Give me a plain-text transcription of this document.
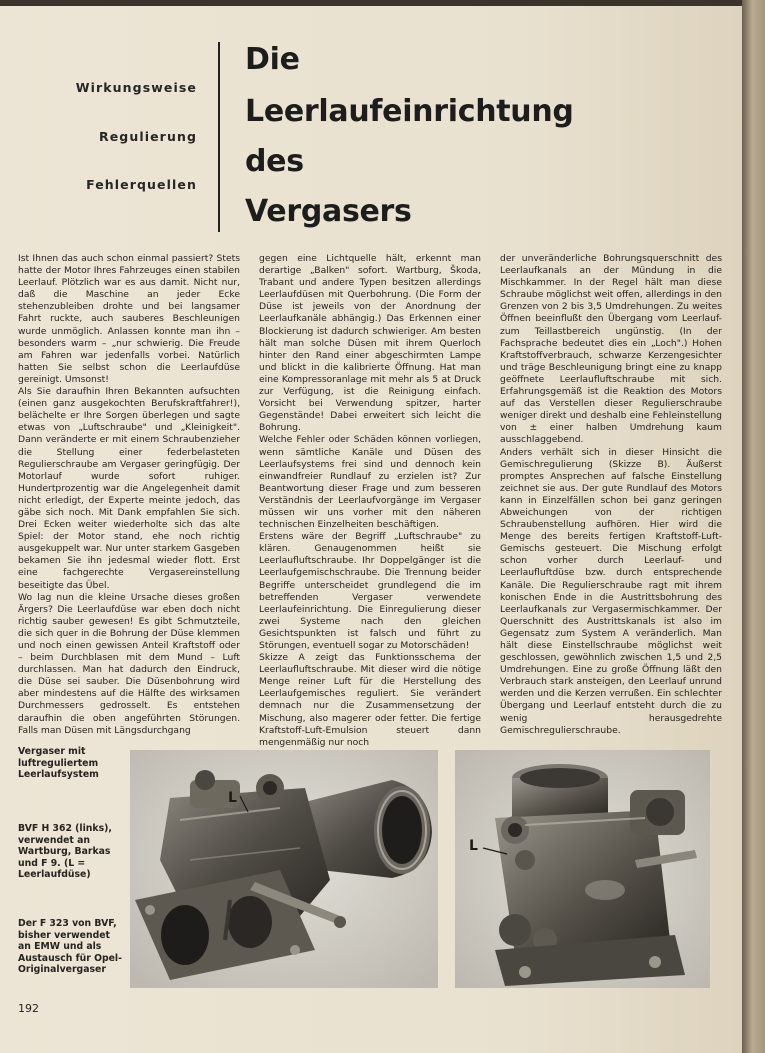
Wirkungsweise
Regulierung
Fehlerquellen
Die
Leerlaufeinrichtung
des
Vergasers

Ist Ihnen das auch schon einmal passiert? Stets hatte der Motor Ihres Fahrzeuges einen stabilen Leerlauf. Plötzlich war es aus damit. Nicht nur, daß die Maschine an jeder Ecke stehenzubleiben drohte und bei langsamer Fahrt ruckte, auch sauberes Beschleunigen wurde unmöglich. Anlassen konnte man ihn – besonders warm – „nur schwierig. Die Freude am Fahren war jedenfalls vorbei. Natürlich hatten Sie selbst schon die Leerlaufdüse gereinigt. Umsonst!

Als Sie daraufhin Ihren Bekannten aufsuchten (einen ganz ausgekochten Berufskraftfahrer!), belächelte er Ihre Sorgen überlegen und sagte etwas von „Luftschraube" und „Kleinigkeit". Dann veränderte er mit einem Schraubenzieher die Stellung einer federbelasteten Regulierschraube am Vergaser geringfügig. Der Motorlauf wurde sofort ruhiger. Hundertprozentig war die Angelegenheit damit nicht erledigt, der Experte meinte jedoch, das gäbe sich noch. Mit Dank empfahlen Sie sich. Drei Ecken weiter wiederholte sich das alte Spiel: der Motor stand, ehe noch richtig ausgekuppelt war. Nur unter starkem Gasgeben bekamen Sie ihn jedesmal wieder flott. Erst eine fachgerechte Vergasereinstellung beseitigte das Übel.

Wo lag nun die kleine Ursache dieses großen Ärgers? Die Leerlaufdüse war eben doch nicht richtig sauber gewesen! Es gibt Schmutzteile, die sich quer in die Bohrung der Düse klemmen und noch einen gewissen Anteil Kraftstoff oder – beim Durchblasen mit dem Mund – Luft durchlassen. Man hat dadurch den Eindruck, die Düse sei sauber. Die Düsenbohrung wird aber mindestens auf die Hälfte des wirksamen Durchmessers gedrosselt. Es entstehen daraufhin die oben angeführten Störungen. Falls man Düsen mit Längsdurchgang

gegen eine Lichtquelle hält, erkennt man derartige „Balken" sofort. Wartburg, Škoda, Trabant und andere Typen besitzen allerdings Leerlaufdüsen mit Querbohrung. (Die Form der Düse ist jeweils von der Anordnung der Leerlaufkanäle abhängig.) Das Erkennen einer Blockierung ist dadurch schwieriger. Am besten hält man solche Düsen mit ihrem Querloch hinter den Rand einer abgeschirmten Lampe und blickt in die kalibrierte Öffnung. Hat man eine Kompressoranlage mit mehr als 5 at Druck zur Verfügung, ist die Reinigung einfach. Vorsicht bei Verwendung spitzer, harter Gegenstände! Dabei erweitert sich leicht die Bohrung.

Welche Fehler oder Schäden können vorliegen, wenn sämtliche Kanäle und Düsen des Leerlaufsystems frei sind und dennoch kein einwandfreier Rundlauf zu erzielen ist? Zur Beantwortung dieser Frage und zum besseren Verständnis der Leerlaufvorgänge im Vergaser müssen wir uns vorher mit den näheren technischen Einzelheiten beschäftigen.

Erstens wäre der Begriff „Luftschraube" zu klären. Genaugenommen heißt sie Leerlaufluftschraube. Ihr Doppelgänger ist die Leerlaufgemischschraube. Die Trennung beider Begriffe unterscheidet grundlegend die im betreffenden Vergaser verwendete Leerlaufeinrichtung. Die Einregulierung dieser zwei Systeme nach den gleichen Gesichtspunkten ist falsch und führt zu Störungen, eventuell sogar zu Motorschäden!

Skizze A zeigt das Funktionsschema der Leerlaufluftschraube. Mit dieser wird die nötige Menge reiner Luft für die Herstellung des Leerlaufgemisches reguliert. Sie verändert demnach nur die Zusammensetzung der Mischung, also magerer oder fetter. Die fertige Kraftstoff-Luft-Emulsion steuert dann mengenmäßig nur noch

der unveränderliche Bohrungsquerschnitt des Leerlaufkanals an der Mündung in die Mischkammer. In der Regel hält man diese Schraube möglichst weit offen, allerdings in den Grenzen von 2 bis 3,5 Umdrehungen. Zu weites Öffnen beeinflußt den Übergang vom Leerlauf- zum Teillastbereich ungünstig. (In der Fachsprache bedeutet dies ein „Loch".) Hohen Kraftstoffverbrauch, schwarze Kerzengesichter und träge Beschleunigung bringt eine zu knapp geöffnete Leerlaufluftschraube mit sich. Erfahrungsgemäß ist die Reaktion des Motors auf das Verstellen dieser Regulierschraube weniger direkt und deshalb eine Fehleinstellung von ± einer halben Umdrehung kaum ausschlaggebend.

Anders verhält sich in dieser Hinsicht die Gemischregulierung (Skizze B). Äußerst promptes Ansprechen auf falsche Einstellung zeichnet sie aus. Der gute Rundlauf des Motors kann in Einzelfällen schon bei ganz geringen Abweichungen von der richtigen Schraubenstellung aufhören. Hier wird die Menge des bereits fertigen Kraftstoff-Luft-Gemischs gesteuert. Die Mischung erfolgt schon vorher durch Leerlauf- und Leerlaufluftdüse bzw. durch entsprechende Kanäle. Die Regulierschraube ragt mit ihrem konischen Ende in die Austrittsbohrung des Leerlaufkanals zur Vergasermischkammer. Der Querschnitt des Austrittskanals ist also im Gegensatz zum System A veränderlich. Man hält diese Einstellschraube möglichst weit geschlossen, gewöhnlich zwischen 1,5 und 2,5 Umdrehungen. Eine zu große Öffnung läßt den Verbrauch stark ansteigen, den Leerlauf unrund werden und die Kerzen verrußen. Ein schlechter Übergang und Leerlauf entsteht durch die zu wenig herausgedrehte Gemischregulierschraube.

Vergaser mit luftreguliertem Leerlaufsystem
BVF H 362 (links), verwendet an Wartburg, Barkas und F 9. (L = Leerlaufdüse)
Der F 323 von BVF, bisher verwendet an EMW und als Austausch für Opel-Originalvergaser
L
L
192
